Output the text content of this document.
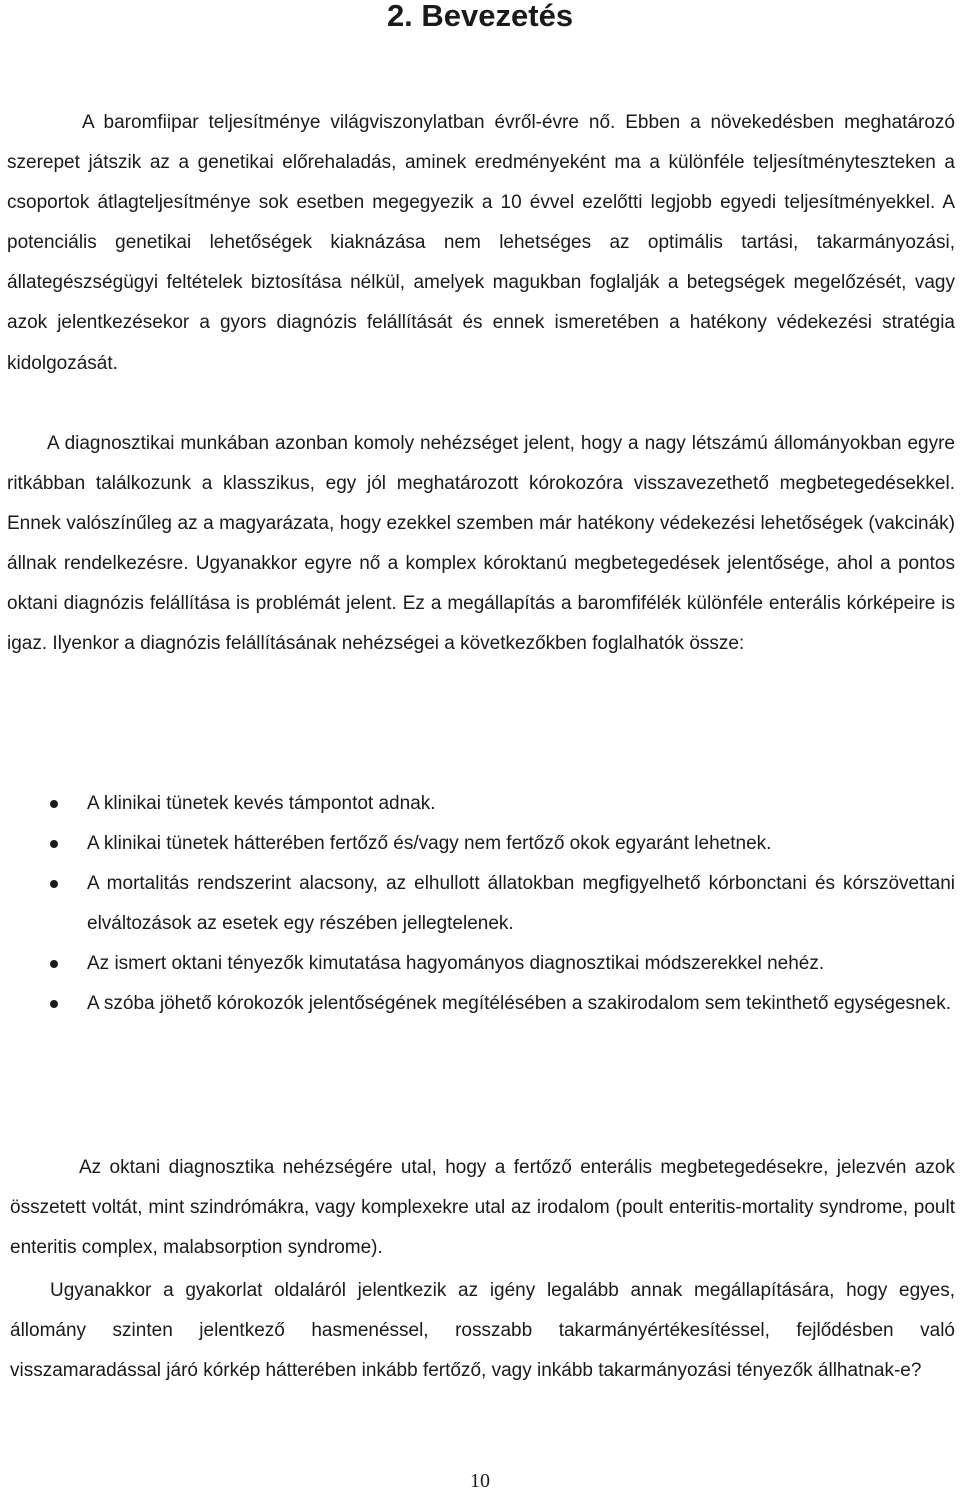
2. Bevezetés

A baromfiipar teljesítménye világviszonylatban évről-évre nő. Ebben a növekedésben meghatározó szerepet játszik az a genetikai előrehaladás, aminek eredményeként ma a különféle teljesítményteszteken a csoportok átlagteljesítménye sok esetben megegyezik a 10 évvel ezelőtti legjobb egyedi teljesítményekkel. A potenciális genetikai lehetőségek kiaknázása nem lehetséges az optimális tartási, takarmányozási, állategészségügyi feltételek biztosítása nélkül, amelyek magukban foglalják a betegségek megelőzését, vagy azok jelentkezésekor a gyors diagnózis felállítását és ennek ismeretében a hatékony védekezési stratégia kidolgozását.

A diagnosztikai munkában azonban komoly nehézséget jelent, hogy a nagy létszámú állományokban egyre ritkábban találkozunk a klasszikus, egy jól meghatározott kórokozóra visszavezethető megbetegedésekkel. Ennek valószínűleg az a magyarázata, hogy ezekkel szemben már hatékony védekezési lehetőségek (vakcinák) állnak rendelkezésre. Ugyanakkor egyre nő a komplex kóroktanú megbetegedések jelentősége, ahol a pontos oktani diagnózis felállítása is problémát jelent. Ez a megállapítás a baromfifélék különféle enterális kórképeire is igaz. Ilyenkor a diagnózis felállításának nehézségei a következőkben foglalhatók össze:

A klinikai tünetek kevés támpontot adnak.
A klinikai tünetek hátterében fertőző és/vagy nem fertőző okok egyaránt lehetnek.
A mortalitás rendszerint alacsony, az elhullott állatokban megfigyelhető kórbonctani és kórszövettani elváltozások az esetek egy részében jellegtelenek.
Az ismert oktani tényezők kimutatása hagyományos diagnosztikai módszerekkel nehéz.
A szóba jöhető kórokozók jelentőségének megítélésében a szakirodalom sem tekinthető egységesnek.

Az oktani diagnosztika nehézségére utal, hogy a fertőző enterális megbetegedésekre, jelezvén azok összetett voltát, mint szindrómákra, vagy komplexekre utal az irodalom (poult enteritis-mortality syndrome, poult enteritis complex, malabsorption syndrome).

Ugyanakkor a gyakorlat oldaláról jelentkezik az igény legalább annak megállapítására, hogy egyes, állomány szinten jelentkező hasmenéssel, rosszabb takarmányértékesítéssel, fejlődésben való visszamaradással járó kórkép hátterében inkább fertőző, vagy inkább takarmányozási tényezők állhatnak-e?

10
